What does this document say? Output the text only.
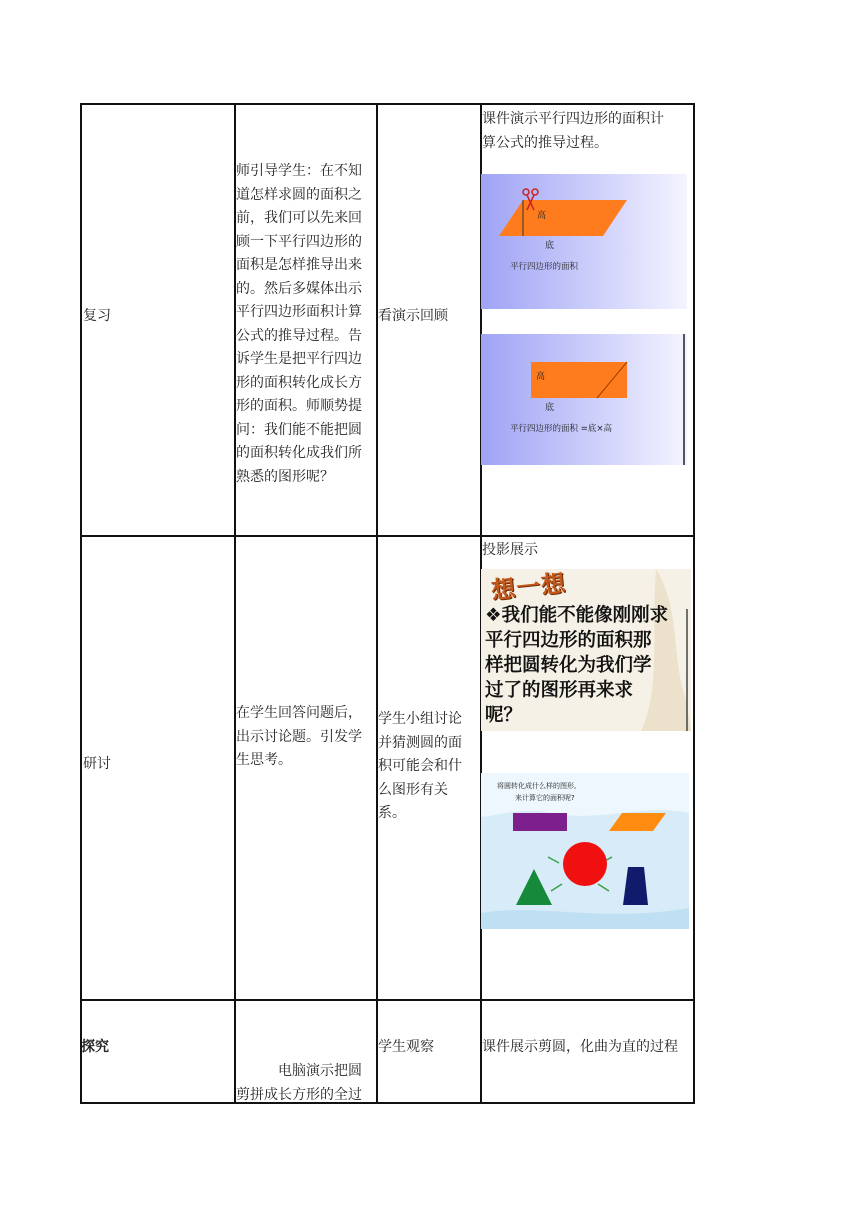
复习
师引导学生：在不知
道怎样求圆的面积之
前，我们可以先来回
顾一下平行四边形的
面积是怎样推导出来
的。然后多媒体出示
平行四边形面积计算
公式的推导过程。告
诉学生是把平行四边
形的面积转化成长方
形的面积。师顺势提
问：我们能不能把圆
的面积转化成我们所
熟悉的图形呢？
看演示回顾
课件演示平行四边形的面积计
算公式的推导过程。
高
底
平行四边形的面积
高
底
平行四边形的面积 =底×高
研讨
在学生回答问题后，
出示讨论题。引发学
生思考。
学生小组讨论
并猜测圆的面
积可能会和什
么图形有关
系。
投影展示
想一想
❖我们能不能像刚刚求
平行四边形的面积那
样把圆转化为我们学
过了的图形再来求
呢？
将圆转化成什么样的图形,
来计算它的面积呢?
探究
电脑演示把圆
剪拼成长方形的全过
学生观察	课件展示剪圆，化曲为直的过程
